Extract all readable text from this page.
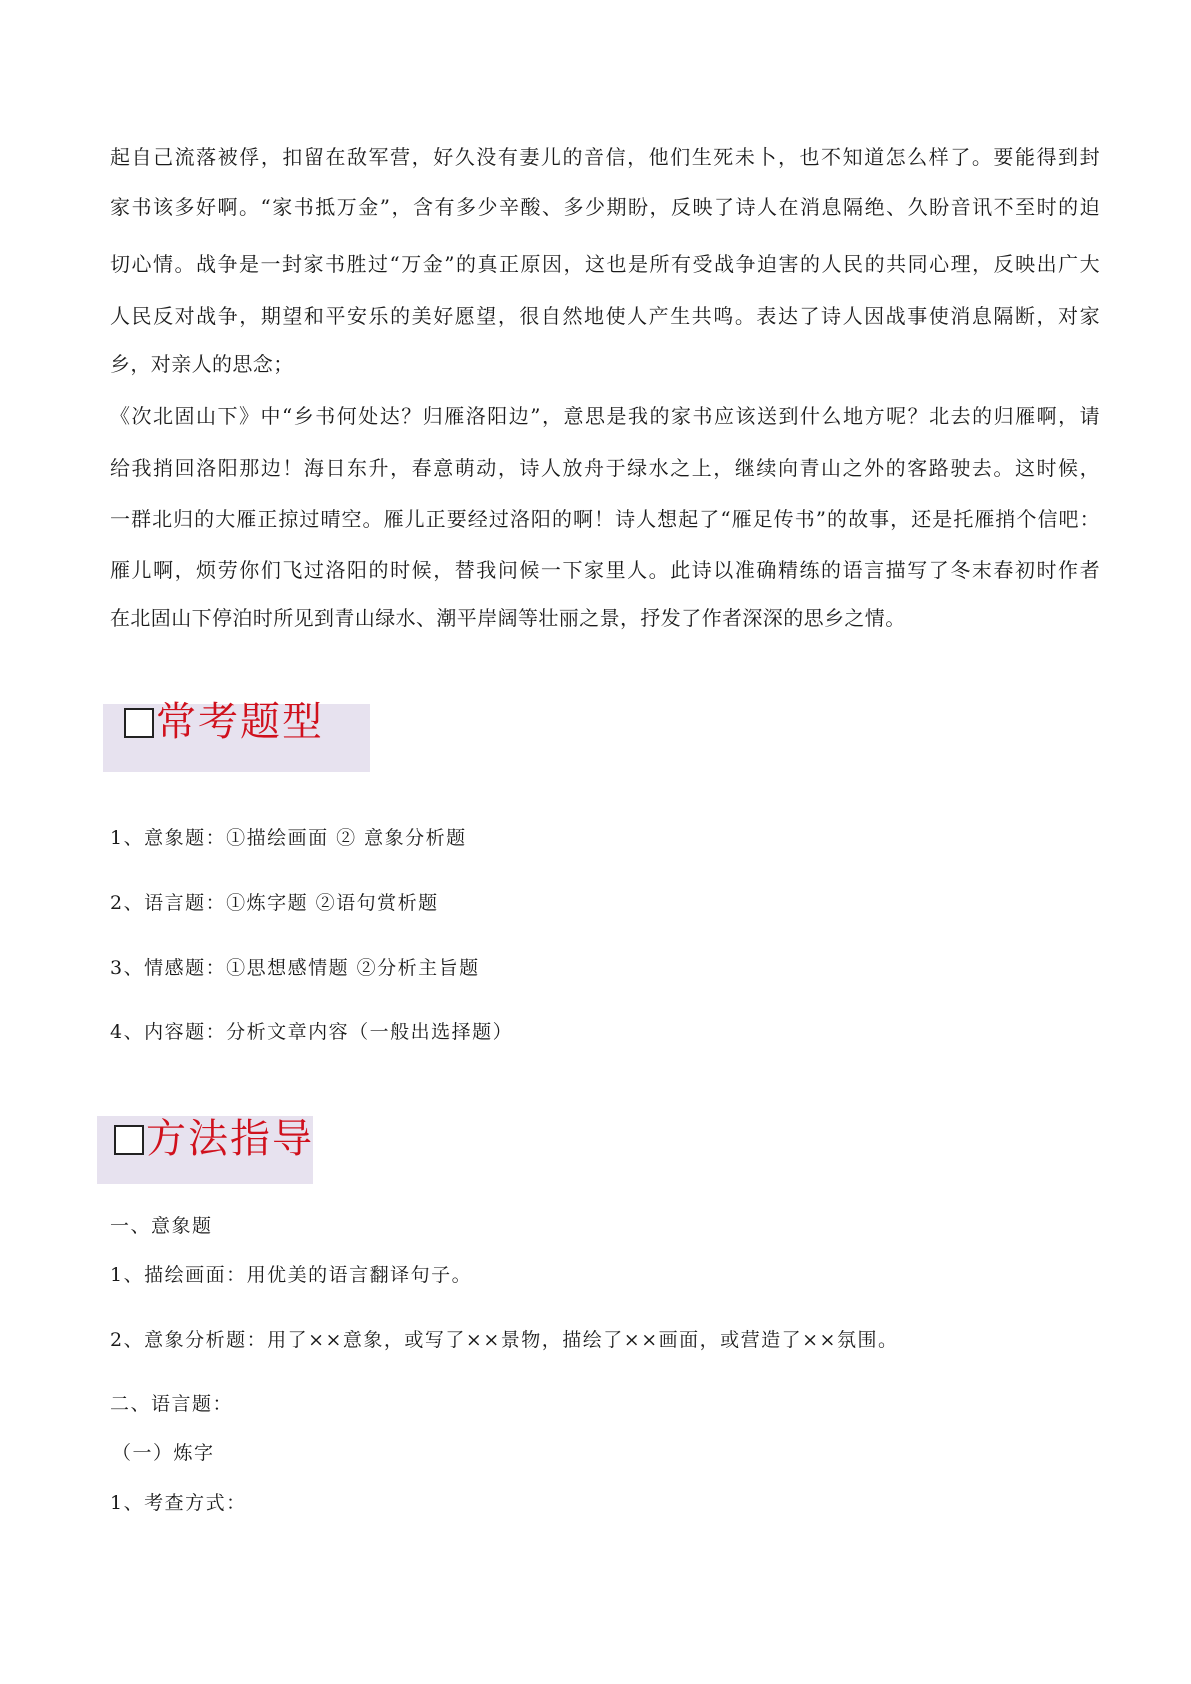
起自己流落被俘，扣留在敌军营，好久没有妻儿的音信，他们生死未卜，也不知道怎么样了。要能得到封
家书该多好啊。“家书抵万金”，含有多少辛酸、多少期盼，反映了诗人在消息隔绝、久盼音讯不至时的迫
切心情。战争是一封家书胜过“万金”的真正原因，这也是所有受战争迫害的人民的共同心理，反映出广大
人民反对战争，期望和平安乐的美好愿望，很自然地使人产生共鸣。表达了诗人因战事使消息隔断，对家
乡，对亲人的思念；
《次北固山下》中“乡书何处达？归雁洛阳边”，意思是我的家书应该送到什么地方呢？北去的归雁啊，请
给我捎回洛阳那边！海日东升，春意萌动，诗人放舟于绿水之上，继续向青山之外的客路驶去。这时候，
一群北归的大雁正掠过晴空。雁儿正要经过洛阳的啊！诗人想起了“雁足传书”的故事，还是托雁捎个信吧：
雁儿啊，烦劳你们飞过洛阳的时候，替我问候一下家里人。此诗以准确精练的语言描写了冬末春初时作者
在北固山下停泊时所见到青山绿水、潮平岸阔等壮丽之景，抒发了作者深深的思乡之情。
常考题型
1、意象题：①描绘画面 ② 意象分析题
2、语言题：①炼字题 ②语句赏析题
3、情感题：①思想感情题 ②分析主旨题
4、内容题：分析文章内容（一般出选择题）
方法指导
一、意象题
1、描绘画面：用优美的语言翻译句子。
2、意象分析题：用了××意象，或写了××景物，描绘了××画面，或营造了××氛围。
二、语言题：
（一）炼字
1、考查方式：
